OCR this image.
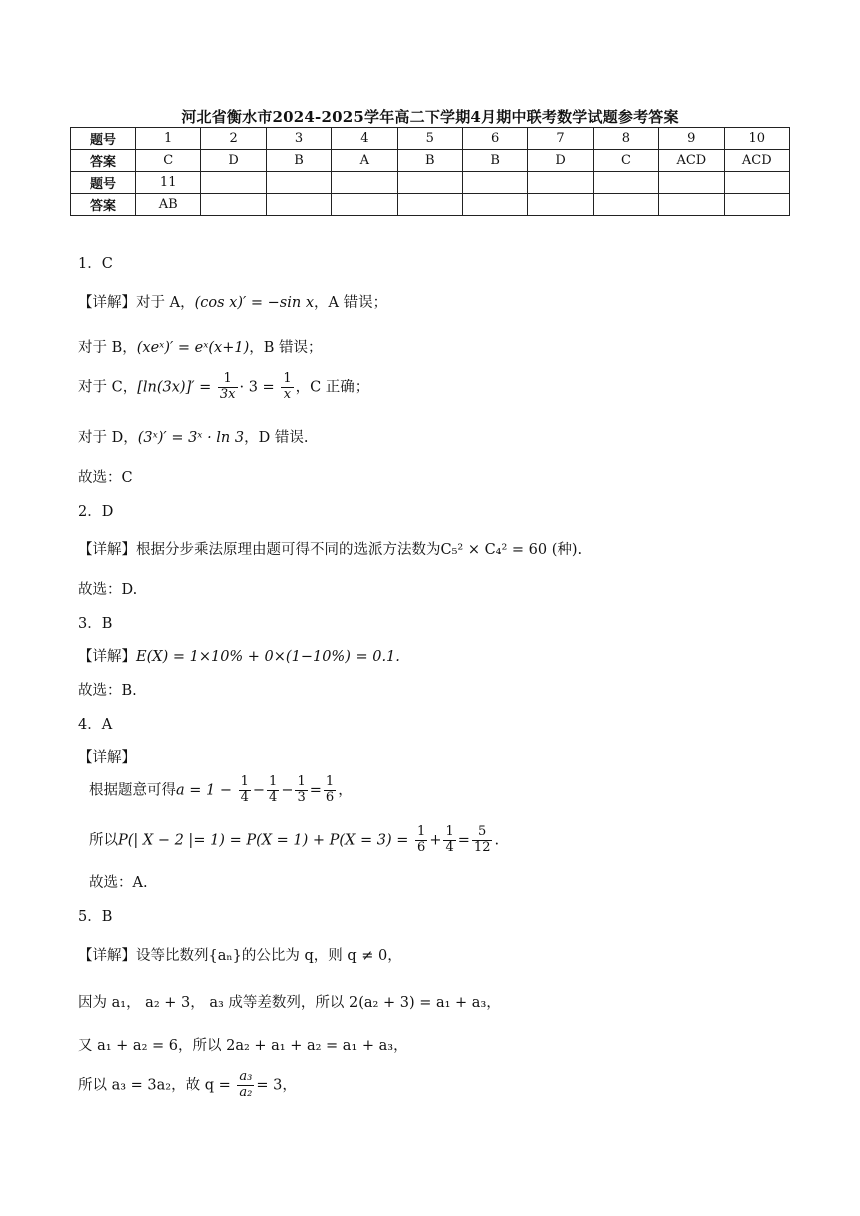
河北省衡水市2024-2025学年高二下学期4月期中联考数学试题参考答案
题号	1	2	3	4	5	6	7	8	9	10
答案	C	D	B	A	B	B	D	C	ACD	ACD
题号	11									
答案	AB									
1．C
【详解】对于 A，(cos x)′ = −sin x，A 错误；
对于 B，(xeˣ)′ = eˣ(x+1)，B 错误；
对于 C，$[\ln(3x)]' = \frac{1}{3x} \cdot 3 = \frac{1}{x}$ ，C 正确；
对于 D，(3ˣ)′ = 3ˣ · ln 3，D 错误.
故选：C
2．D
【详解】根据分步乘法原理由题可得不同的选派方法数为C₅² × C₄² = 60 (种).
故选：D.
3．B
【详解】E(X) = 1×10% + 0×(1−10%) = 0.1.
故选：B.
4．A
【详解】
根据题意可得$a = 1 - \frac{1}{4} - \frac{1}{4} - \frac{1}{3} = \frac{1}{6}$ ，
所以P(| X − 2 |= $1) = P(X = 1) + P(X = 3) = \frac{1}{6} + \frac{1}{4} = \frac{5}{12}$ .
故选：A.
5．B
【详解】设等比数列{aₙ}的公比为 q，则 q ≠ 0，
因为 a₁， a₂ + 3， a₃ 成等差数列，所以 2(a₂ + 3) = a₁ + a₃，
又 a₁ + a₂ = 6，所以 2a₂ + a₁ + a₂ = a₁ + a₃，
所以 a₃ = 3a₂，故 $q = \frac{\text{a₃}}{\text{a₂}} = 3$，
